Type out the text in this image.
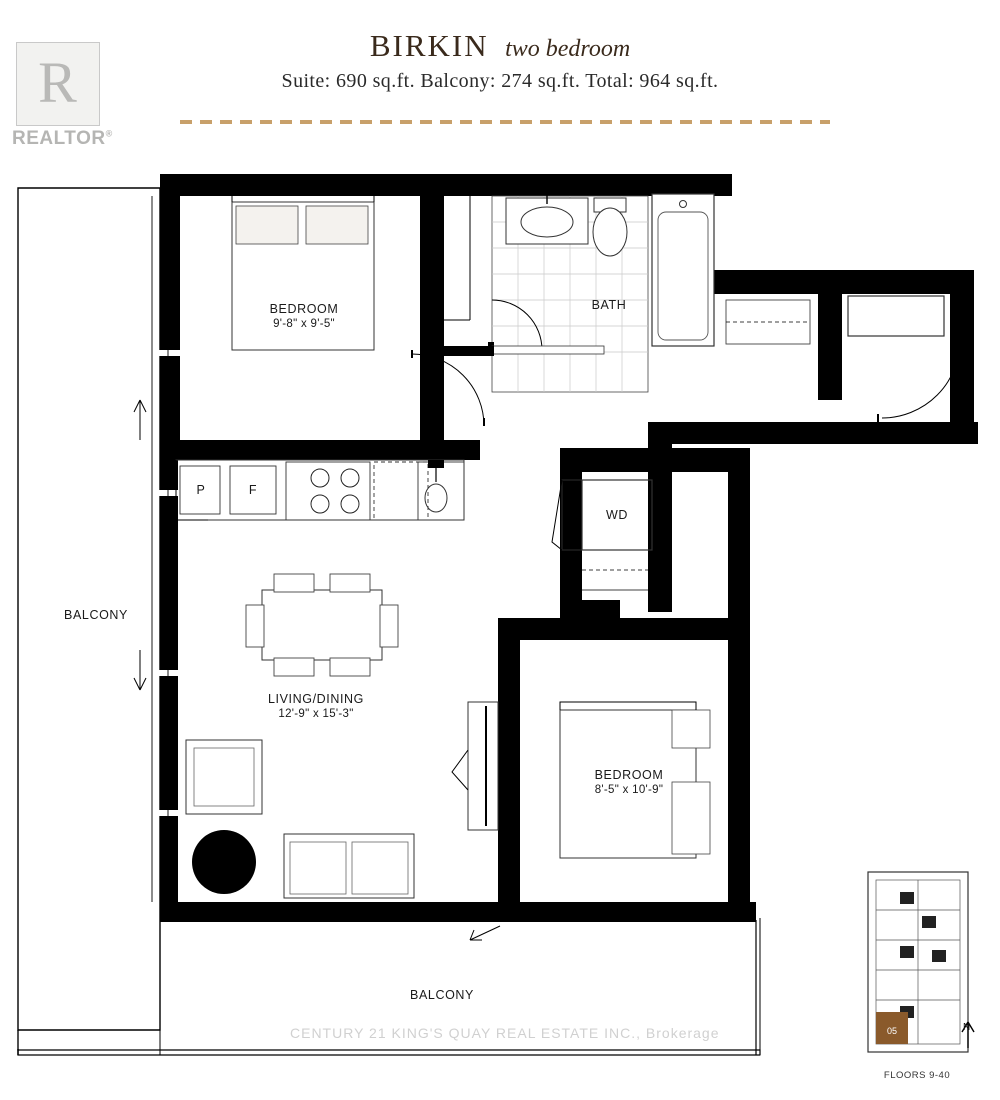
R
REALTOR®
BIRKIN two bedroom
Suite: 690 sq.ft. Balcony: 274 sq.ft. Total: 964 sq.ft.
05
BEDROOM
9'-8" x 9'-5"
BATH
BALCONY
LIVING/DINING
12'-9" x 15'-3"
BEDROOM
8'-5" x 10'-9"
BALCONY
P	F
WD
CENTURY 21 KING'S QUAY REAL ESTATE INC., Brokerage
FLOORS 9-40
N
